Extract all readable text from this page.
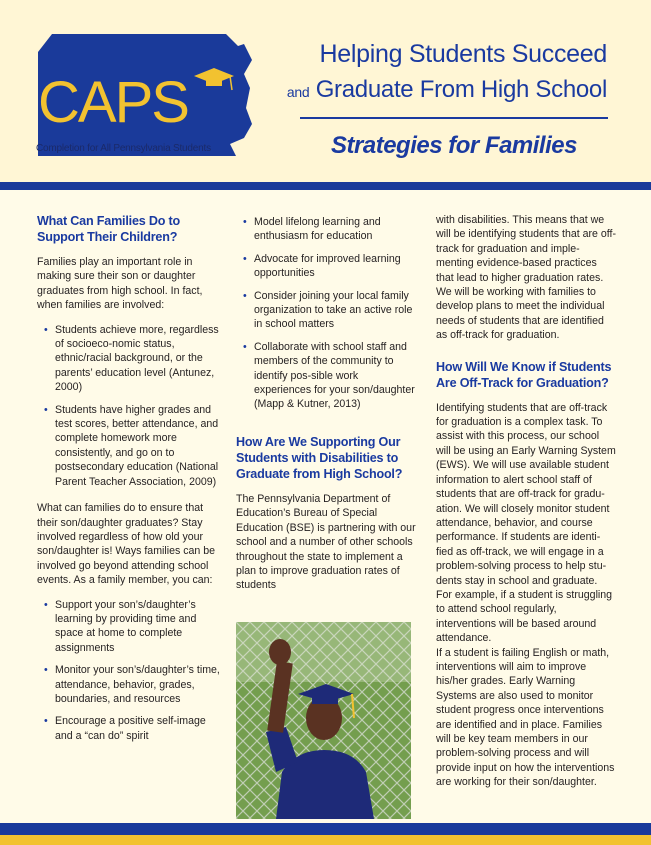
CAPS
Completion for All Pennsylvania Students
Helping Students Succeed
and Graduate From High School
Strategies for Families
What Can Families Do to Support Their Children?

Families play an important role in making sure their son or daughter graduates from high school. In fact, when families are involved:

• Students achieve more, regardless of socioeco-nomic status, ethnic/racial background, or the parents’ education level (Antunez, 2000)
• Students have higher grades and test scores, better attendance, and complete homework more consistently, and go on to postsecondary education (National Parent Teacher Association, 2009)

What can families do to ensure that their son/daughter graduates? Stay involved regardless of how old your son/daughter is! Ways families can be involved go beyond attending school events. As a family member, you can:

• Support your son’s/daughter’s learning by providing time and space at home to complete assignments
• Monitor your son’s/daughter’s time, attendance, behavior, grades, boundaries, and resources
• Encourage a positive self-image and a “can do” spirit
• Model lifelong learning and enthusiasm for education
• Advocate for improved learning opportunities
• Consider joining your local family organization to take an active role in school matters
• Collaborate with school staff and members of the community to identify pos-sible work experiences for your son/daughter (Mapp & Kutner, 2013)
How Are We Supporting Our Students with Disabilities to Graduate from High School?

The Pennsylvania Department of Education’s Bureau of Special Education (BSE) is partnering with our school and a number of other schools throughout the state to implement a plan to improve graduation rates of students

with disabilities. This means that we will be identifying students that are off-track for graduation and imple-menting evidence-based practices that lead to higher graduation rates. We will be working with families to develop plans to meet the individual needs of students that are identified as off-track for graduation.

How Will We Know if Students Are Off-Track for Graduation?

Identifying students that are off-track for graduation is a complex task. To assist with this process, our school will be using an Early Warning System (EWS). We will use available student information to alert school staff of students that are off-track for gradu-ation. We will closely monitor student attendance, behavior, and course performance. If students are identi-fied as off-track, we will engage in a problem-solving process to help stu-dents stay in school and graduate. For example, if a student is struggling to attend school regularly, interventions will be based around attendance.

If a student is failing English or math, interventions will aim to improve his/her grades. Early Warning Systems are also used to monitor student progress once interventions are identified and in place. Families will be key team members in our problem-solving process and will provide input on how the interventions are working for their son/daughter.
